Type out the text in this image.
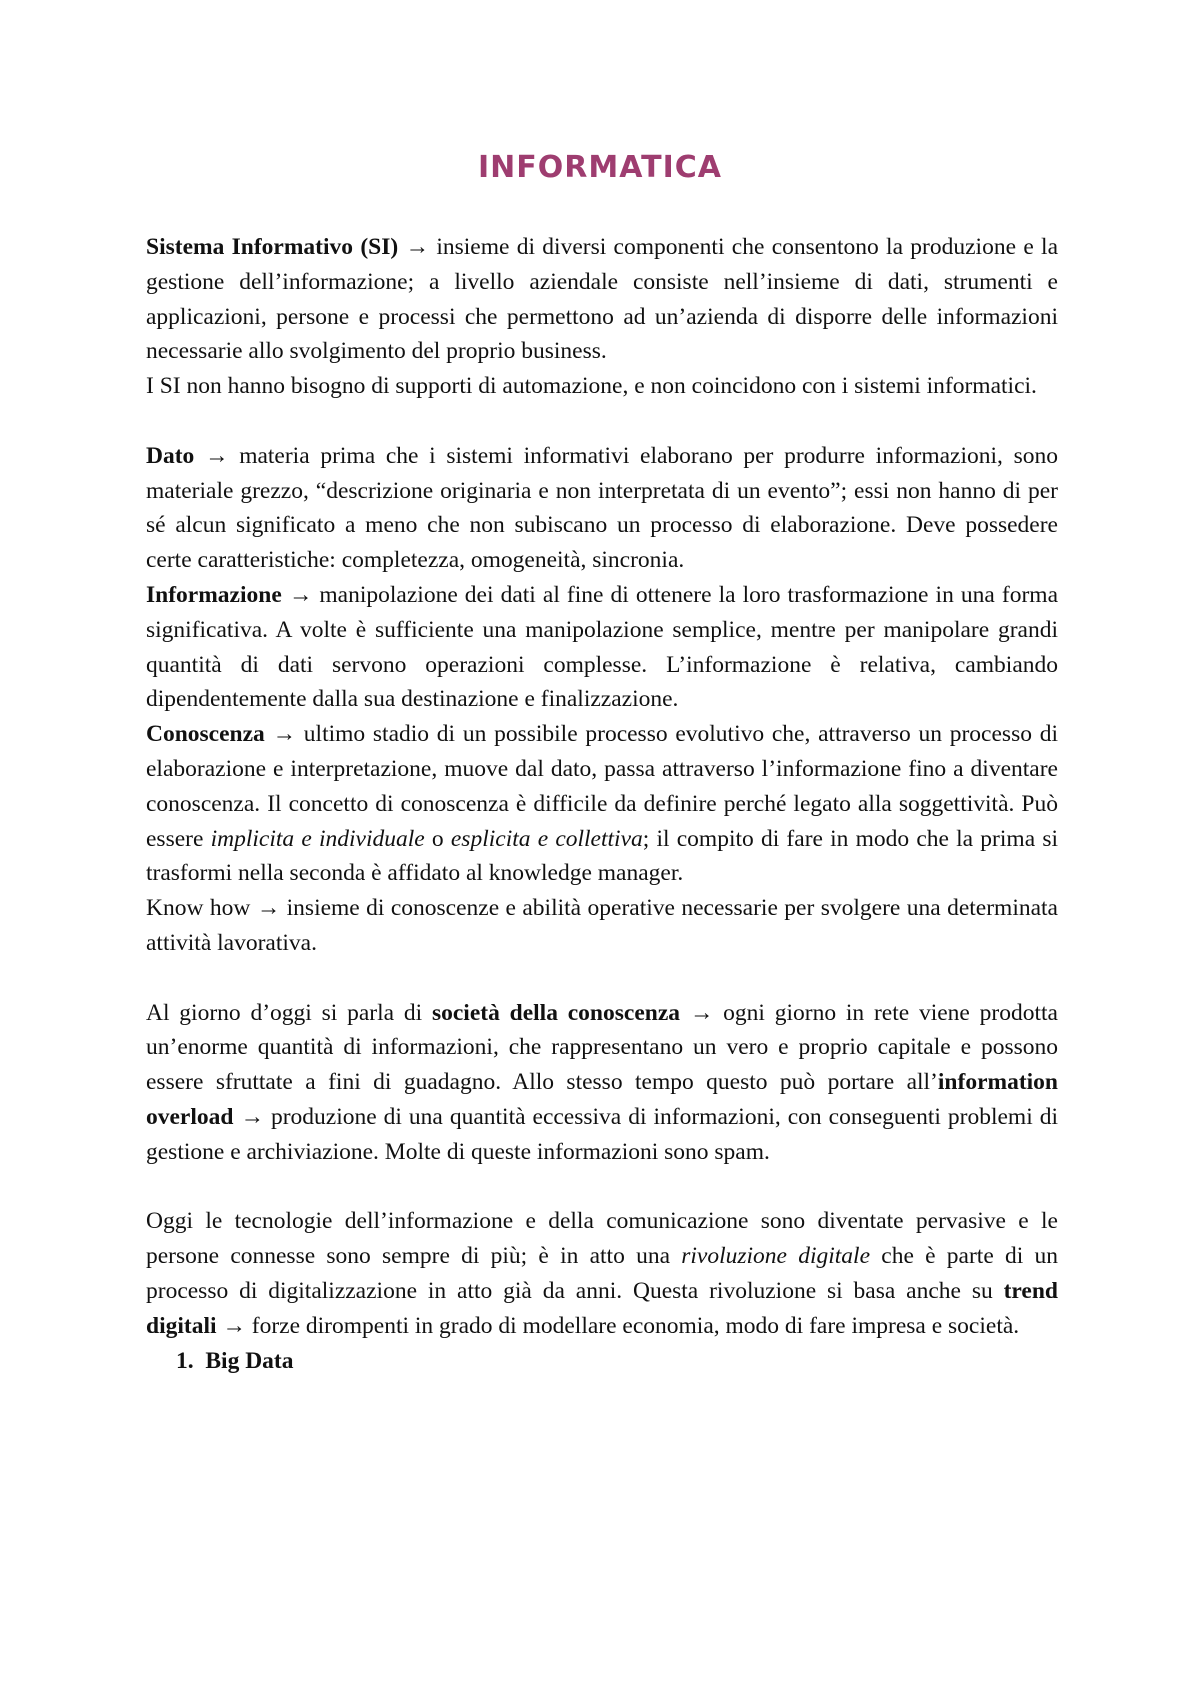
INFORMATICA

Sistema Informativo (SI) → insieme di diversi componenti che consentono la produzione e la gestione dell’informazione; a livello aziendale consiste nell’insieme di dati, strumenti e applicazioni, persone e processi che permettono ad un’azienda di disporre delle informazioni necessarie allo svolgimento del proprio business.

I SI non hanno bisogno di supporti di automazione, e non coincidono con i sistemi informatici.

Dato → materia prima che i sistemi informativi elaborano per produrre informazioni, sono materiale grezzo, “descrizione originaria e non interpretata di un evento”; essi non hanno di per sé alcun significato a meno che non subiscano un processo di elaborazione. Deve possedere certe caratteristiche: completezza, omogeneità, sincronia.

Informazione → manipolazione dei dati al fine di ottenere la loro trasformazione in una forma significativa. A volte è sufficiente una manipolazione semplice, mentre per manipolare grandi quantità di dati servono operazioni complesse. L’informazione è relativa, cambiando dipendentemente dalla sua destinazione e finalizzazione.

Conoscenza → ultimo stadio di un possibile processo evolutivo che, attraverso un processo di elaborazione e interpretazione, muove dal dato, passa attraverso l’informazione fino a diventare conoscenza. Il concetto di conoscenza è difficile da definire perché legato alla soggettività. Può essere implicita e individuale o esplicita e collettiva; il compito di fare in modo che la prima si trasformi nella seconda è affidato al knowledge manager.

Know how → insieme di conoscenze e abilità operative necessarie per svolgere una determinata attività lavorativa.

Al giorno d’oggi si parla di società della conoscenza → ogni giorno in rete viene prodotta un’enorme quantità di informazioni, che rappresentano un vero e proprio capitale e possono essere sfruttate a fini di guadagno. Allo stesso tempo questo può portare all’information overload → produzione di una quantità eccessiva di informazioni, con conseguenti problemi di gestione e archiviazione. Molte di queste informazioni sono spam.

Oggi le tecnologie dell’informazione e della comunicazione sono diventate pervasive e le persone connesse sono sempre di più; è in atto una rivoluzione digitale che è parte di un processo di digitalizzazione in atto già da anni. Questa rivoluzione si basa anche su trend digitali → forze dirompenti in grado di modellare economia, modo di fare impresa e società.

1. Big Data
